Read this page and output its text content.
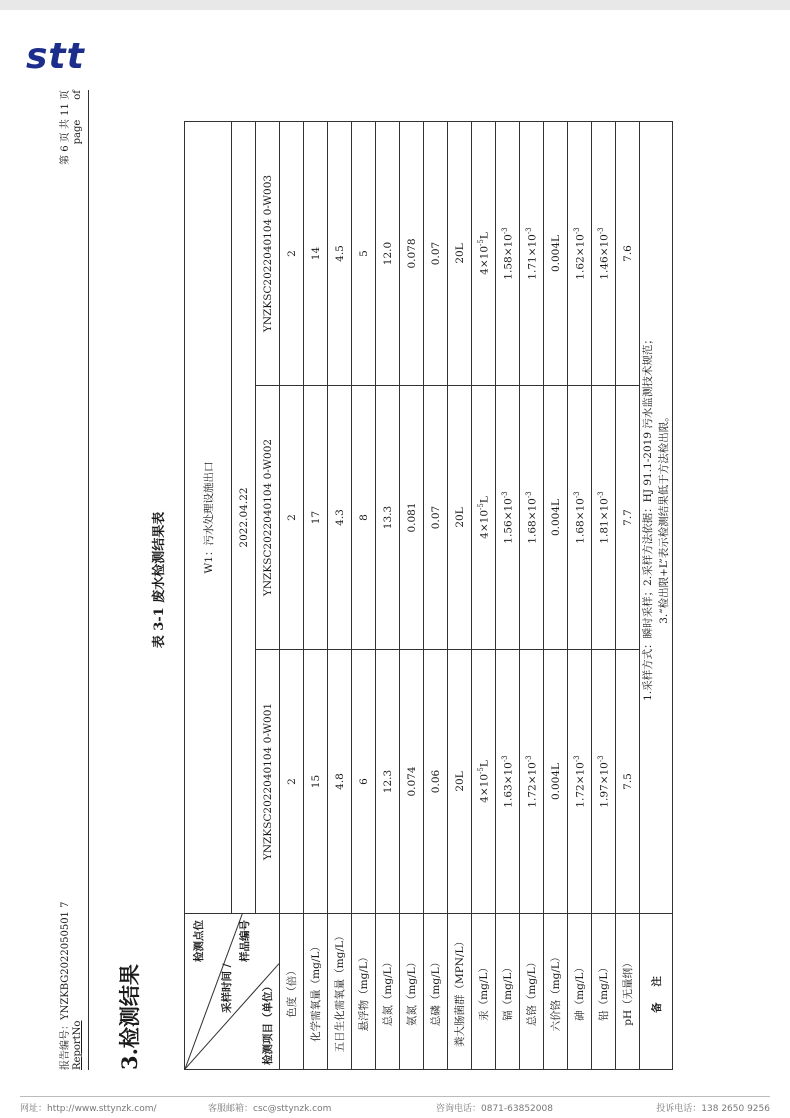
stt
报告编号：YNZKBG2022050501 7
ReportNo
第 6 页 共 11 页 page　　of
3.检测结果
表 3-1 废水检测结果表
检测点位
采样时间 /
样品编号
检测项目（单位）	W1：污水处理设施出口		
	2022.04.22		
	YNZKSC2022040104 0-W001	YNZKSC2022040104 0-W002	YNZKSC2022040104 0-W003
色度（倍）	2	2	2
化学需氧量（mg/L）	15	17	14
五日生化需氧量（mg/L）	4.8	4.3	4.5
悬浮物（mg/L）	6	8	5
总氮（mg/L）	12.3	13.3	12.0
氨氮（mg/L）	0.074	0.081	0.078
总磷（mg/L）	0.06	0.07	0.07
粪大肠菌群（MPN/L）	20L	20L	20L
汞（mg/L）	$4\times 10^{-5}L$	$4\times 10^{-5}L$	$4\times 10^{-5}L$
镉（mg/L）	$1.63\times 10^{-3}$	$1.56\times 10^{-3}$	$1.58\times 10^{-3}$
总铬（mg/L）	$1.72\times 10^{-3}$	$1.68\times 10^{-3}$	$1.71\times 10^{-3}$
六价铬（mg/L）	0.004L	0.004L	0.004L
砷（mg/L）	$1.72\times 10^{-3}$	$1.68\times 10^{-3}$	$1.62\times 10^{-3}$
铅（mg/L）	$1.97\times 10^{-3}$	$1.81\times 10^{-3}$	$1.46\times 10^{-3}$
pH（无量纲）	7.5	7.7	7.6
备 注	1.采样方式：瞬时采样；2.采样方法依据：HJ 91.1-2019 污水监测技术规范； 3.“检出限+L”表示检测结果低于方法检出限。		
网址：http://www.sttynzk.com/	客服邮箱：csc@sttynzk.com	咨询电话：0871-63852008	投诉电话：138 2650 9256
